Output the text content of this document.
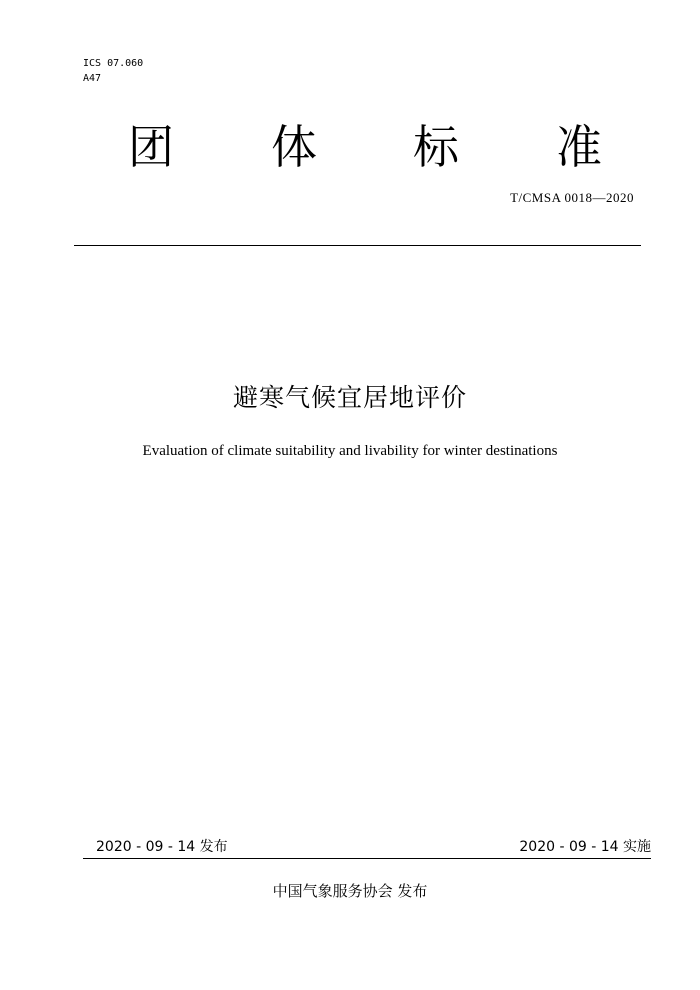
ICS 07.060
A47
团 体 标 准
T/CMSA 0018—2020
避寒气候宜居地评价
Evaluation of climate suitability and livability for winter destinations
2020 - 09 - 14 发布	2020 - 09 - 14 实施
中国气象服务协会 发布
